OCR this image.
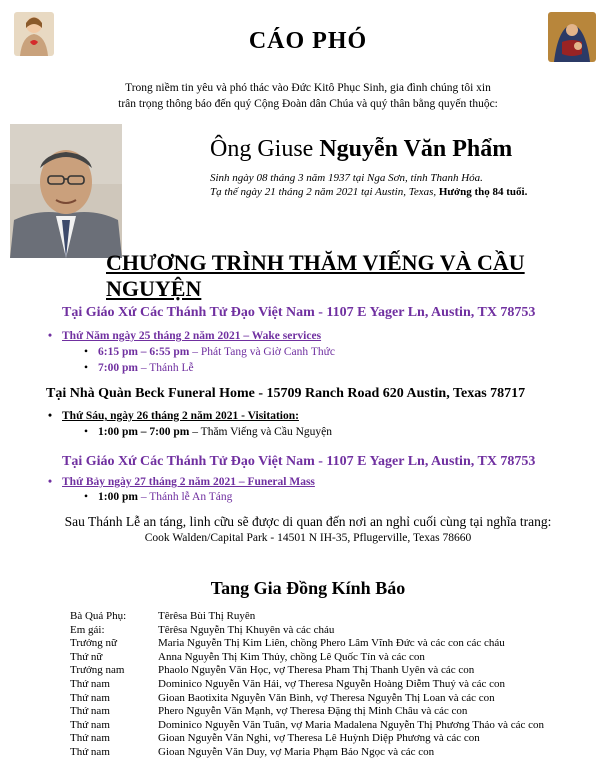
CÁO PHÓ
Trong niềm tin yêu và phó thác vào Đức Kitô Phục Sinh, gia đình chúng tôi xin
trân trọng thông báo đến quý Cộng Đoàn dân Chúa và quý thân bằng quyến thuộc:
Ông Giuse Nguyễn Văn Phẩm
Sinh ngày 08 tháng 3 năm 1937 tại Nga Sơn, tỉnh Thanh Hóa.
Tạ thế ngày 21 tháng 2 năm 2021 tại Austin, Texas, Hưởng thọ 84 tuổi.
CHƯƠNG TRÌNH THĂM VIẾNG VÀ CẦU NGUYỆN
Tại Giáo Xứ Các Thánh Tử Đạo Việt Nam - 1107 E Yager Ln, Austin, TX 78753
• Thứ Năm ngày 25 tháng 2 năm 2021 – Wake services
• 6:15 pm – 6:55 pm – Phát Tang và Giờ Canh Thức
• 7:00 pm – Thánh Lễ
Tại Nhà Quàn Beck Funeral Home - 15709 Ranch Road 620 Austin, Texas 78717
• Thứ Sáu, ngày 26 tháng 2 năm 2021 - Visitation:
• 1:00 pm – 7:00 pm – Thăm Viếng và Cầu Nguyện
Tại Giáo Xứ Các Thánh Tử Đạo Việt Nam - 1107 E Yager Ln, Austin, TX 78753
• Thứ Bảy ngày 27 tháng 2 năm 2021 – Funeral Mass
• 1:00 pm – Thánh lễ An Táng
Sau Thánh Lễ an táng, linh cữu sẽ được di quan đến nơi an nghỉ cuối cùng tại nghĩa trang:
Cook Walden/Capital Park - 14501 N IH-35, Pflugerville, Texas 78660
Tang Gia Đồng Kính Báo
Bà Quả Phụ:	Têrêsa Bùi Thị Ruyên
Em gái:	Têrêsa Nguyễn Thị Khuyên và các cháu
Trưởng nữ	Maria Nguyễn Thị Kim Liên, chồng Phero Lâm Vĩnh Đức và các con các cháu
Thứ nữ	Anna Nguyễn Thị Kim Thủy, chồng Lê Quốc Tín và các con
Trưởng nam	Phaolo Nguyễn Văn Học, vợ Theresa Pham Thị Thanh Uyên và các con
Thứ nam	Dominico Nguyễn Văn Hải, vợ Theresa Nguyễn Hoàng Diễm Thuý và các con
Thứ nam	Gioan Baotixita Nguyễn Văn Bình, vợ Theresa Nguyễn Thị Loan và các con
Thứ nam	Phero Nguyễn Văn Mạnh, vợ Theresa Đặng thị Minh Châu và các con
Thứ nam	Dominico Nguyễn Văn Tuân, vợ Maria Madalena Nguyễn Thị Phương Thảo và các con
Thứ nam	Gioan Nguyễn Văn Nghi, vợ Theresa Lê Huỳnh Diệp Phương và các con
Thứ nam	Gioan Nguyễn Văn Duy, vợ Maria Phạm Bảo Ngọc và các con
